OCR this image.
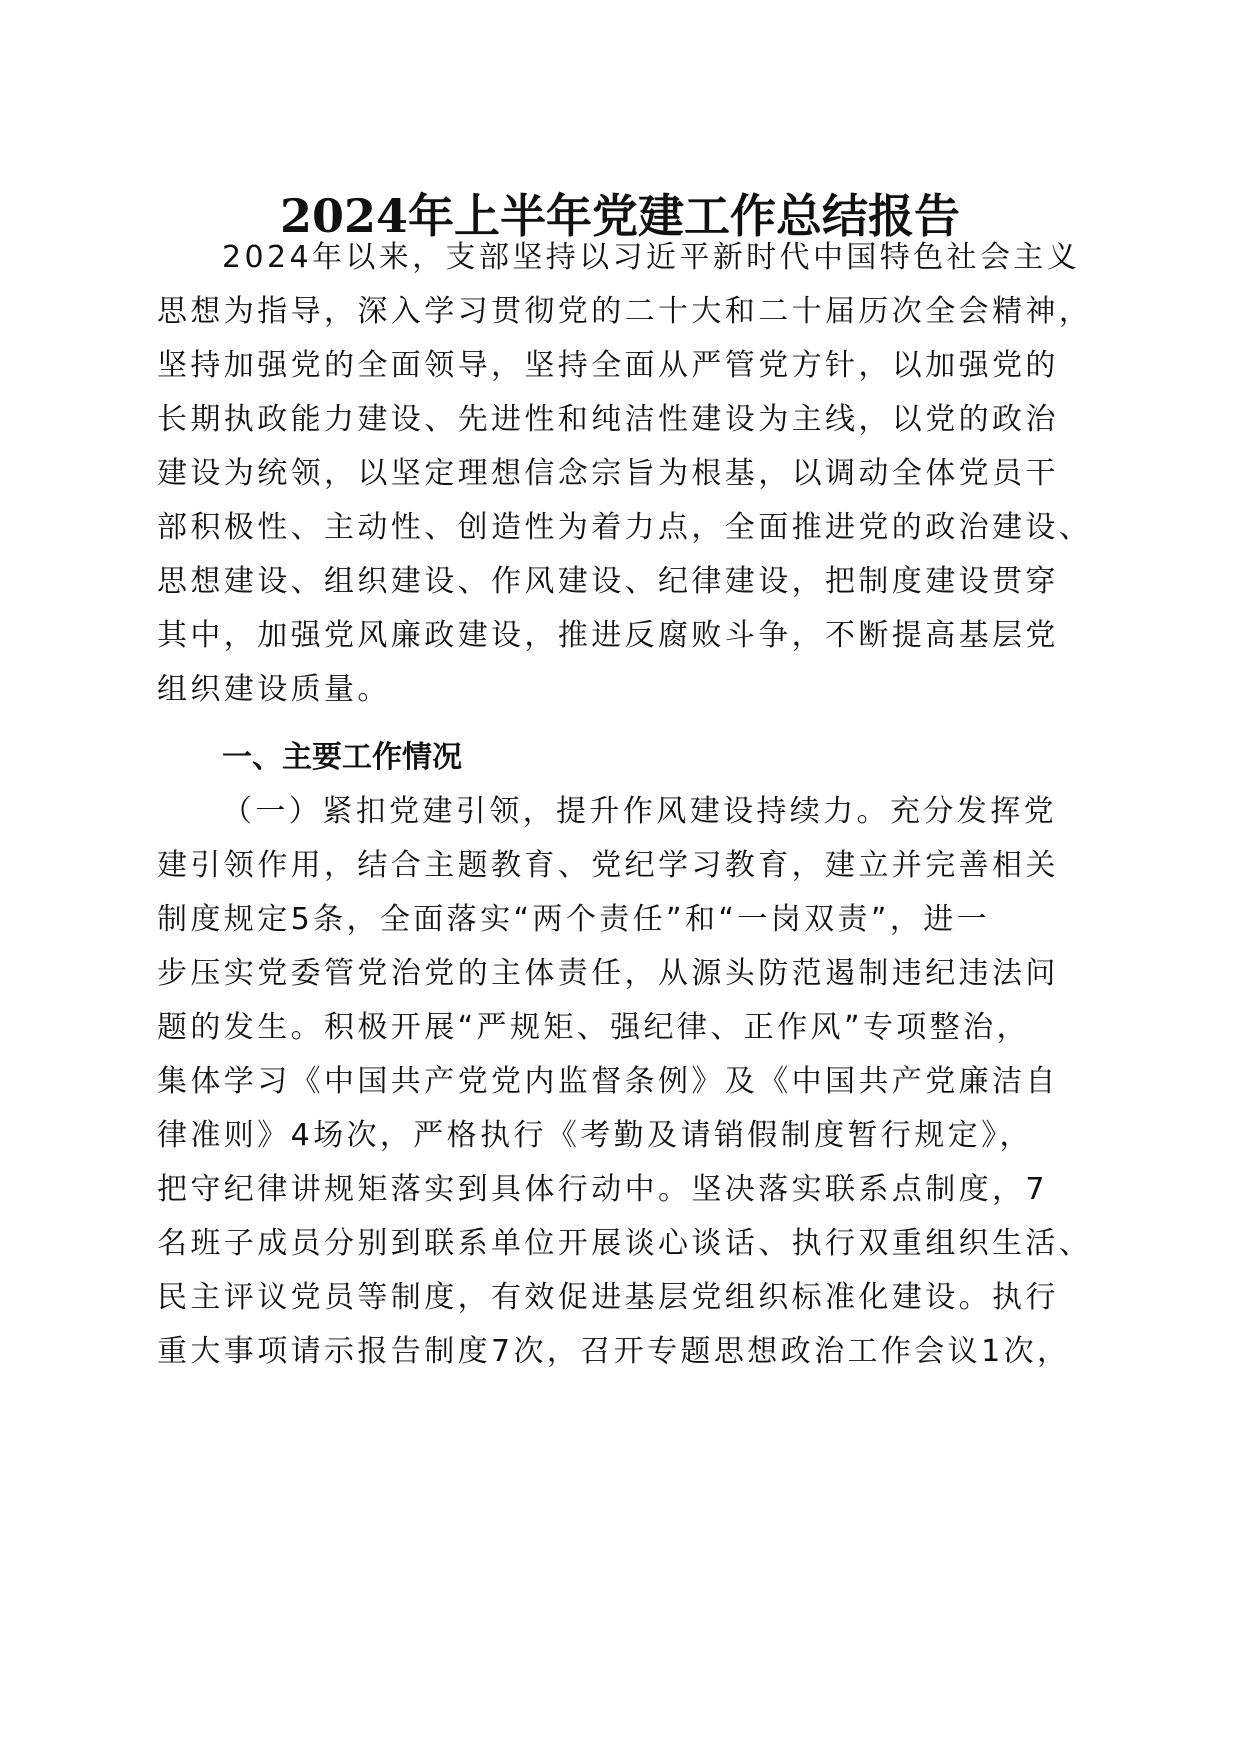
2024年上半年党建工作总结报告
2024年以来，支部坚持以习近平新时代中国特色社会主义
思想为指导，深入学习贯彻党的二十大和二十届历次全会精神，
坚持加强党的全面领导，坚持全面从严管党方针，以加强党的
长期执政能力建设、先进性和纯洁性建设为主线，以党的政治
建设为统领，以坚定理想信念宗旨为根基，以调动全体党员干
部积极性、主动性、创造性为着力点，全面推进党的政治建设、
思想建设、组织建设、作风建设、纪律建设，把制度建设贯穿
其中，加强党风廉政建设，推进反腐败斗争，不断提高基层党
组织建设质量。
一、主要工作情况
（一）紧扣党建引领，提升作风建设持续力。充分发挥党
建引领作用，结合主题教育、党纪学习教育，建立并完善相关
制度规定5条，全面落实“两个责任”和“一岗双责”，进一
步压实党委管党治党的主体责任，从源头防范遏制违纪违法问
题的发生。积极开展“严规矩、强纪律、正作风”专项整治，
集体学习《中国共产党党内监督条例》及《中国共产党廉洁自
律准则》4场次，严格执行《考勤及请销假制度暂行规定》，
把守纪律讲规矩落实到具体行动中。坚决落实联系点制度，7
名班子成员分别到联系单位开展谈心谈话、执行双重组织生活、
民主评议党员等制度，有效促进基层党组织标准化建设。执行
重大事项请示报告制度7次，召开专题思想政治工作会议1次，
